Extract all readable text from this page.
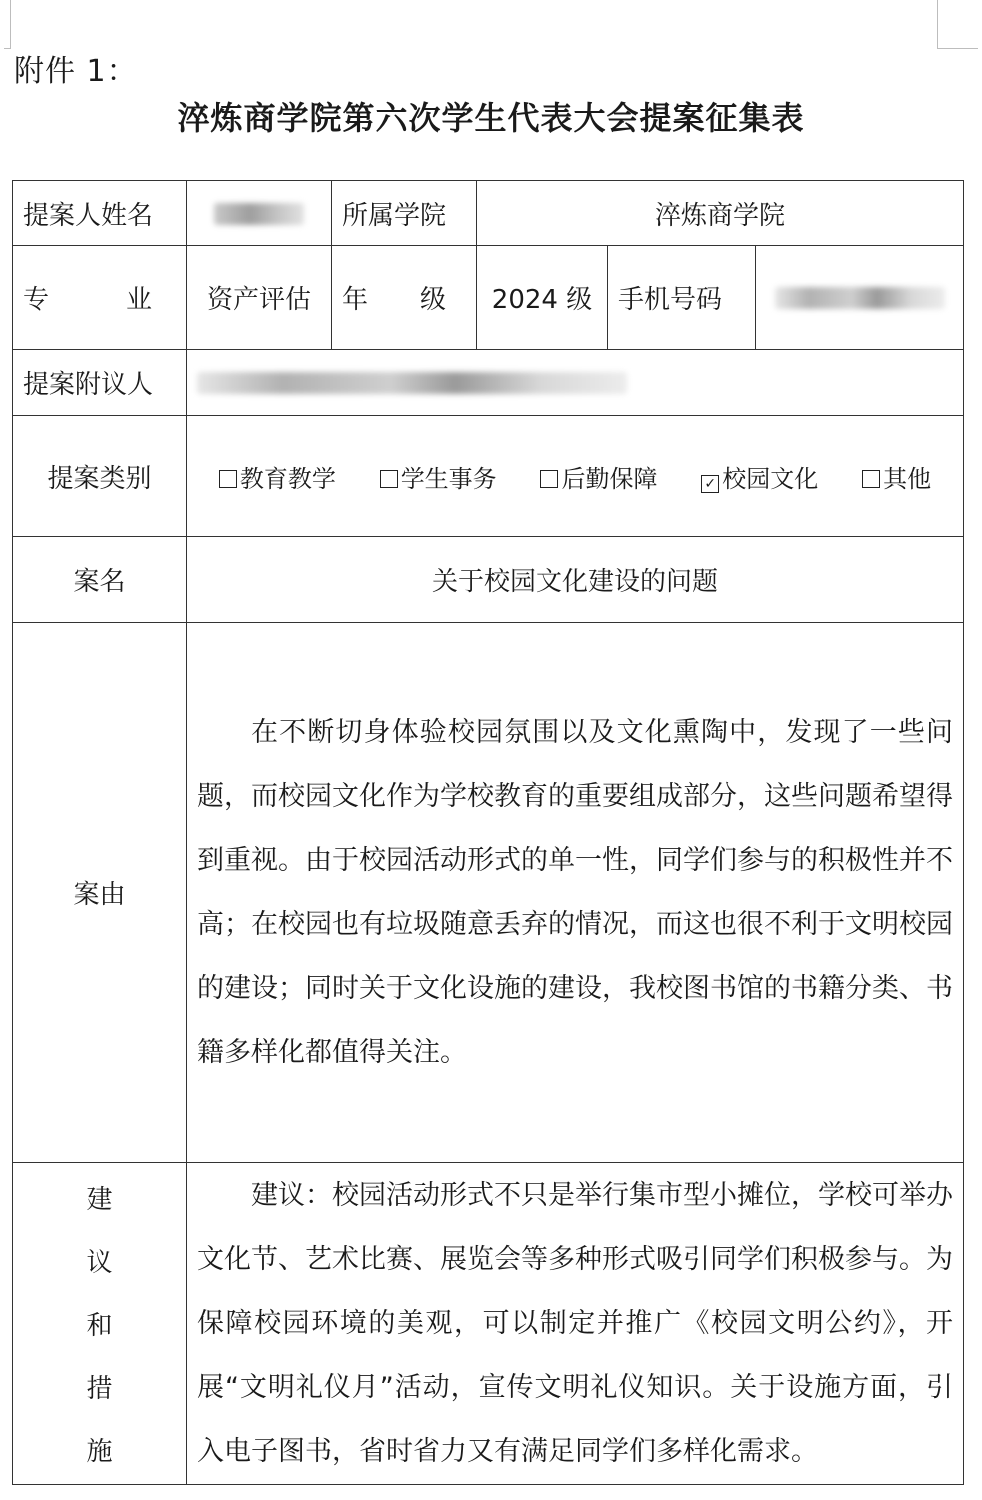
附件 1：
淬炼商学院第六次学生代表大会提案征集表
提案人姓名		所属学院	淬炼商学院		

专 业	资产评估	年 级	2024 级	手机号码	
提案附议人					
提案类别	教育教学 学生事务 后勤保障 ✓ 校园文化 其他				

案名	关于校园文化建设的问题				
案由	在不断切身体验校园氛围以及文化熏陶中，发现了一些问题，而校园文化作为学校教育的重要组成部分，这些问题希望得到重视。由于校园活动形式的单一性，同学们参与的积极性并不高；在校园也有垃圾随意丢弃的情况，而这也很不利于文明校园的建设；同时关于文化设施的建设，我校图书馆的书籍分类、书籍多样化都值得关注。				

建
议
和
措
施	建议：校园活动形式不只是举行集市型小摊位，学校可举办文化节、艺术比赛、展览会等多种形式吸引同学们积极参与。为保障校园环境的美观，可以制定并推广《校园文明公约》，开展“文明礼仪月”活动，宣传文明礼仪知识。关于设施方面，引入电子图书，省时省力又有满足同学们多样化需求。				
